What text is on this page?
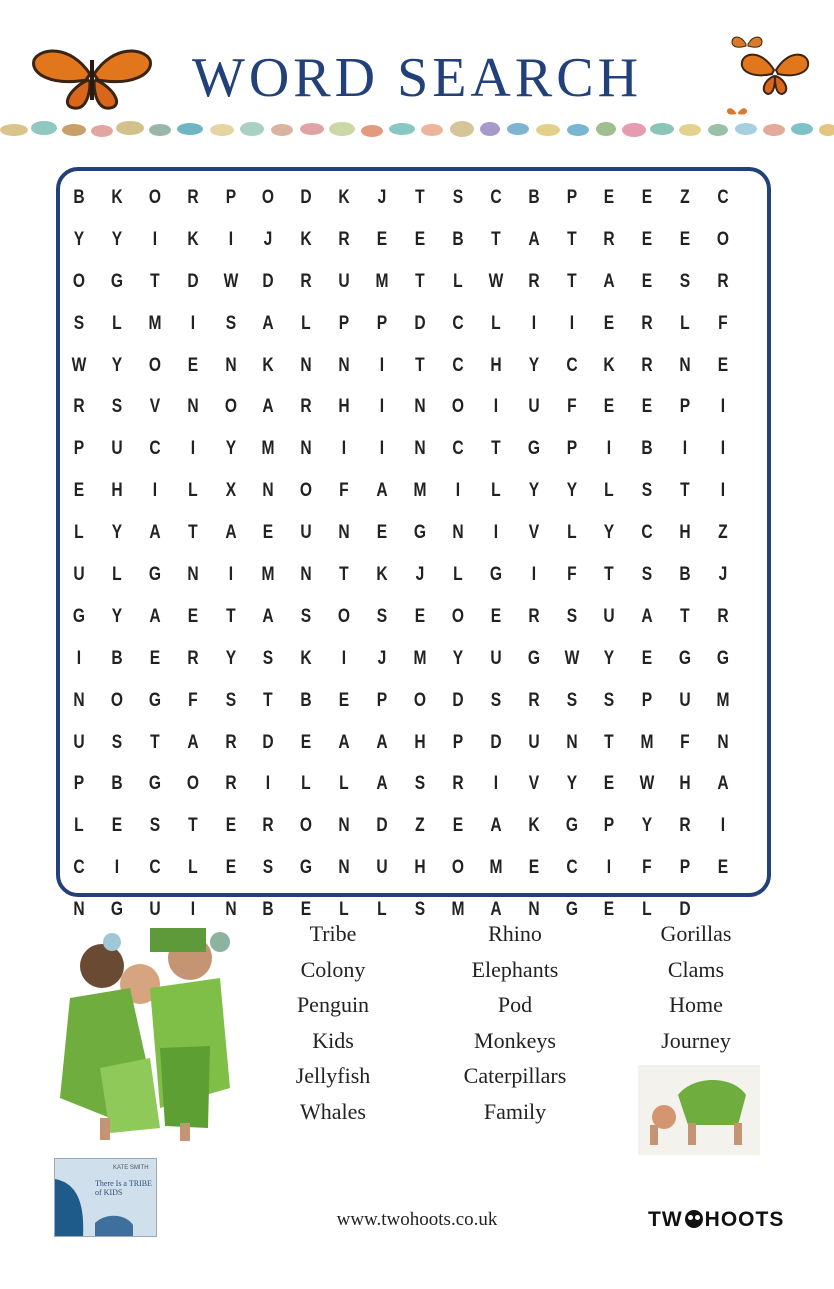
WORD SEARCH
B	K	O	R	P	O	D	K	J	T	S	C	B	P	E	E	Z	C
Y	Y	I	K	I	J	K	R	E	E	B	T	A	T	R	E	E	O
O	G	T	D	W	D	R	U	M	T	L	W	R	T	A	E	S	R
S	L	M	I	S	A	L	P	P	D	C	L	I	I	E	R	L	F
W	Y	O	E	N	K	N	N	I	T	C	H	Y	C	K	R	N	E
R	S	V	N	O	A	R	H	I	N	O	I	U	F	E	E	P	I
P	U	C	I	Y	M	N	I	I	N	C	T	G	P	I	B	I	I
E	H	I	L	X	N	O	F	A	M	I	L	Y	Y	L	S	T	I
L	Y	A	T	A	E	U	N	E	G	N	I	V	L	Y	C	H	Z
U	L	G	N	I	M	N	T	K	J	L	G	I	F	T	S	B	J
G	Y	A	E	T	A	S	O	S	E	O	E	R	S	U	A	T	R
I	B	E	R	Y	S	K	I	J	M	Y	U	G	W	Y	E	G	G
N	O	G	F	S	T	B	E	P	O	D	S	R	S	S	P	U	M
U	S	T	A	R	D	E	A	A	H	P	D	U	N	T	M	F	N
P	B	G	O	R	I	L	L	A	S	R	I	V	Y	E	W	H	A
L	E	S	T	E	R	O	N	D	Z	E	A	K	G	P	Y	R	I
C	I	C	L	E	S	G	N	U	H	O	M	E	C	I	F	P	E
N	G	U	I	N	B	E	L	L	S	M	A	N	G	E	L	D
Tribe
Colony
Penguin
Kids
Jellyfish
Whales
Rhino
Elephants
Pod
Monkeys
Caterpillars
Family
Gorillas
Clams
Home
Journey
KATE SMITH
There Is a TRIBE of KIDS
www.twohoots.co.uk	TW HOOTS
